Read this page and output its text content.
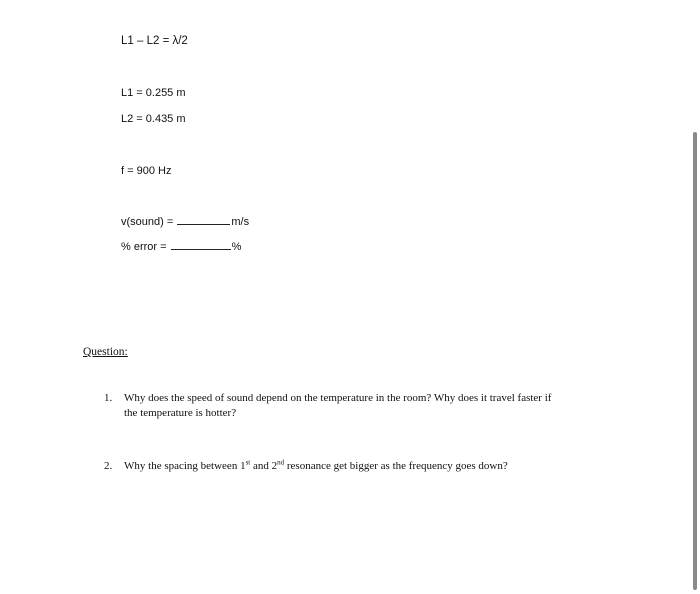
L1 – L2 = λ/2
L1 = 0.255 m
L2 = 0.435 m
f = 900 Hz
v(sound) =	m/s
% error =	%
Question:
1. Why does the speed of sound depend on the temperature in the room? Why does it travel faster if
the temperature is hotter?
2. Why the spacing between 1st and 2nd resonance get bigger as the frequency goes down?
